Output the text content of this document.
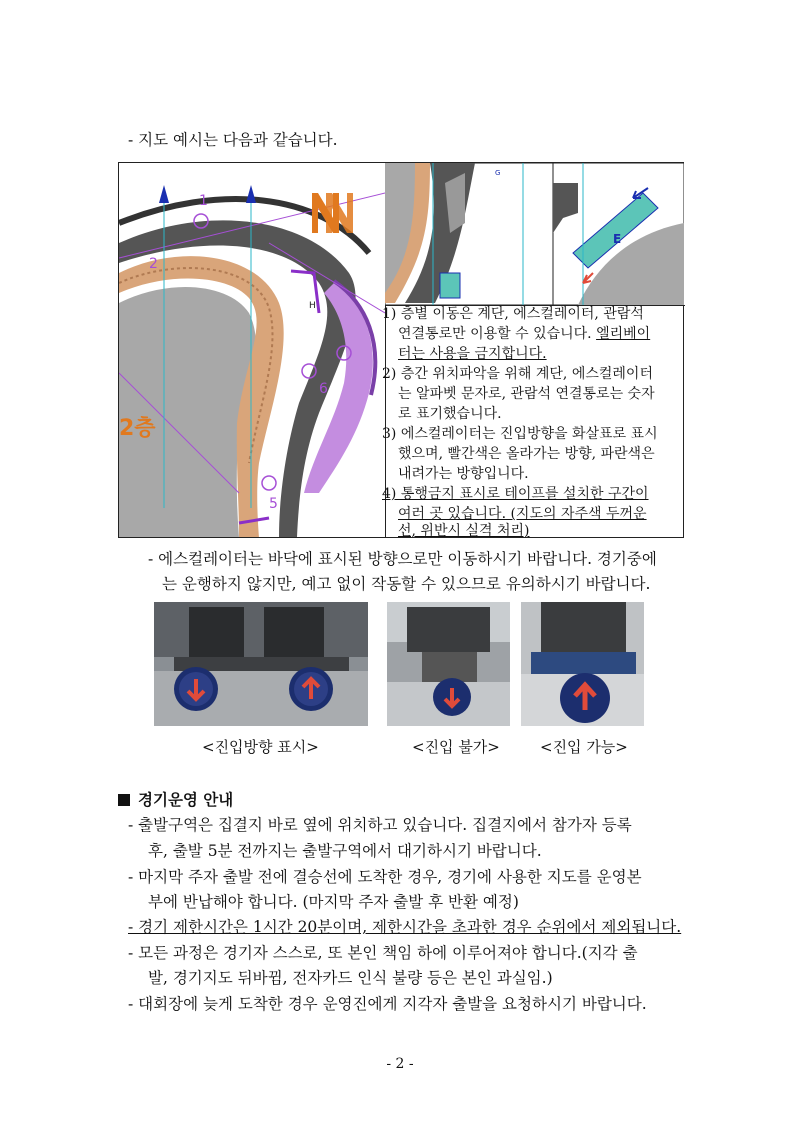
- 지도 예시는 다음과 같습니다.
1
2
6
5
H
2층
G
E
1) 층별 이동은 계단, 에스컬레이터, 관람석
연결통로만 이용할 수 있습니다. 엘리베이
터는 사용을 금지합니다.
2) 층간 위치파악을 위해 계단, 에스컬레이터
는 알파벳 문자로, 관람석 연결통로는 숫자
로 표기했습니다.
3) 에스컬레이터는 진입방향을 화살표로 표시
했으며, 빨간색은 올라가는 방향, 파란색은
내려가는 방향입니다.
4) 통행금지 표시로 테이프를 설치한 구간이
여러 곳 있습니다. (지도의 자주색 두꺼운
선, 위반시 실격 처리)
- 에스컬레이터는 바닥에 표시된 방향으로만 이동하시기 바랍니다. 경기중에
는 운행하지 않지만, 예고 없이 작동할 수 있으므로 유의하시기 바랍니다.
<진입방향 표시>	<진입 불가>	<진입 가능>
경기운영 안내
- 출발구역은 집결지 바로 옆에 위치하고 있습니다. 집결지에서 참가자 등록
후, 출발 5분 전까지는 출발구역에서 대기하시기 바랍니다.
- 마지막 주자 출발 전에 결승선에 도착한 경우, 경기에 사용한 지도를 운영본
부에 반납해야 합니다. (마지막 주자 출발 후 반환 예정)
- 경기 제한시간은 1시간 20분이며, 제한시간을 초과한 경우 순위에서 제외됩니다.
- 모든 과정은 경기자 스스로, 또 본인 책임 하에 이루어져야 합니다.(지각 출
발, 경기지도 뒤바뀜, 전자카드 인식 불량 등은 본인 과실임.)
- 대회장에 늦게 도착한 경우 운영진에게 지각자 출발을 요청하시기 바랍니다.
- 2 -
